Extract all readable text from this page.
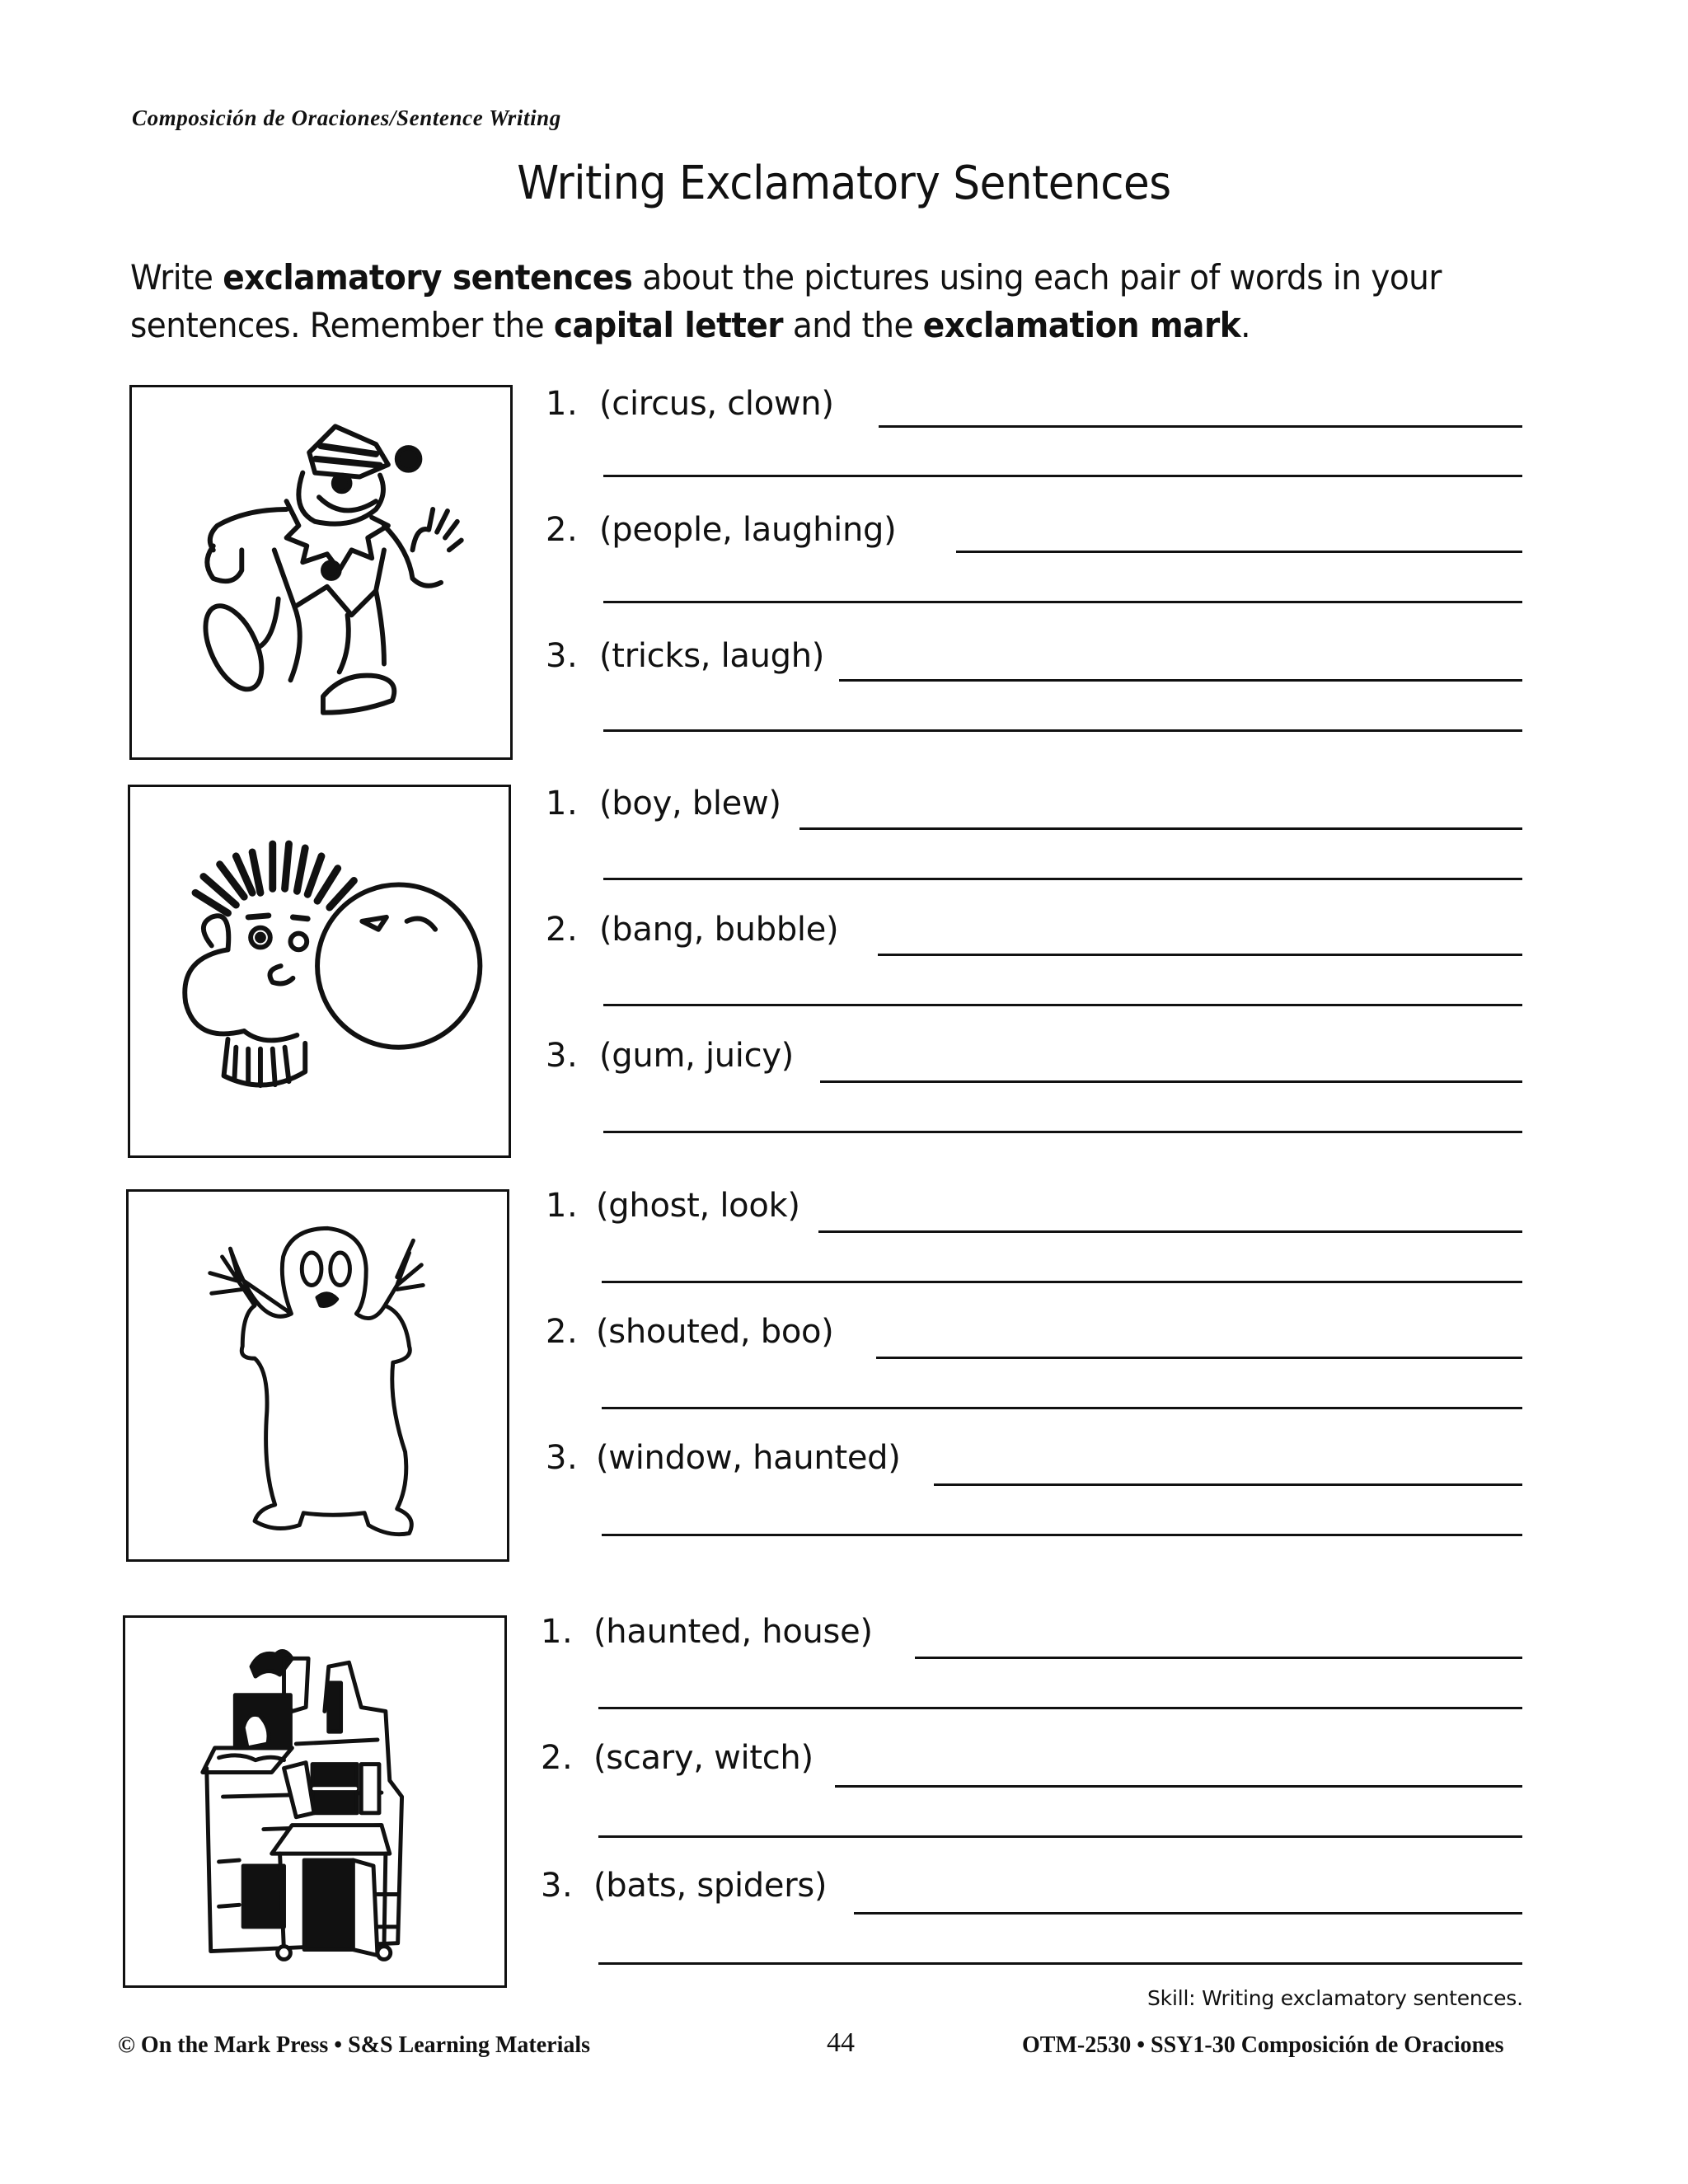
Composición de Oraciones/Sentence Writing
Writing Exclamatory Sentences
Write exclamatory sentences about the pictures using each pair of words in your
sentences. Remember the capital letter and the exclamation mark.
1. (circus, clown)
2. (people, laughing)
3. (tricks, laugh)
1. (boy, blew)
2. (bang, bubble)
3. (gum, juicy)
1. (ghost, look)
2. (shouted, boo)
3. (window, haunted)
1. (haunted, house)
2. (scary, witch)
3. (bats, spiders)
Skill: Writing exclamatory sentences.
© On the Mark Press • S&S Learning Materials	44	OTM-2530 • SSY1-30 Composición de Oraciones
